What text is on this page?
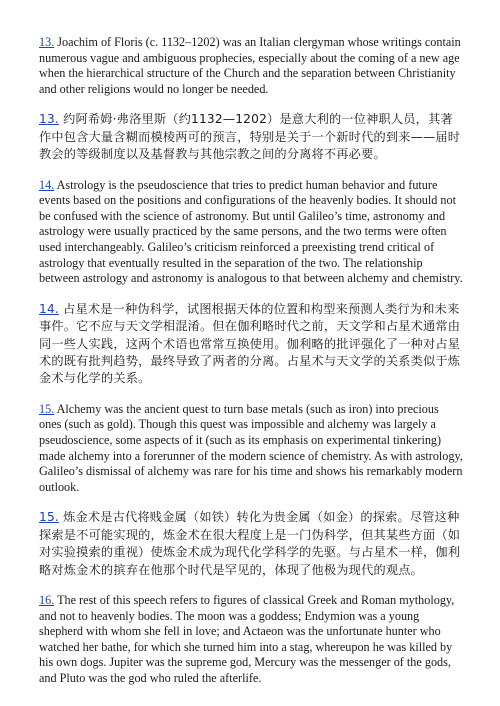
13. Joachim of Floris (c. 1132–1202) was an Italian clergyman whose writings contain numerous vague and ambiguous prophecies, especially about the coming of a new age when the hierarchical structure of the Church and the separation between Christianity and other religions would no longer be needed.

13. 约阿希姆·弗洛里斯（约1132—1202）是意大利的一位神职人员，其著作中包含大量含糊而模棱两可的预言，特别是关于一个新时代的到来——届时教会的等级制度以及基督教与其他宗教之间的分离将不再必要。

14. Astrology is the pseudoscience that tries to predict human behavior and future events based on the positions and configurations of the heavenly bodies. It should not be confused with the science of astronomy. But until Galileo’s time, astronomy and astrology were usually practiced by the same persons, and the two terms were often used interchangeably. Galileo’s criticism reinforced a preexisting trend critical of astrology that eventually resulted in the separation of the two. The relationship between astrology and astronomy is analogous to that between alchemy and chemistry.

14. 占星术是一种伪科学，试图根据天体的位置和构型来预测人类行为和未来事件。它不应与天文学相混淆。但在伽利略时代之前，天文学和占星术通常由同一些人实践，这两个术语也常常互换使用。伽利略的批评强化了一种对占星术的既有批判趋势，最终导致了两者的分离。占星术与天文学的关系类似于炼金术与化学的关系。

15. Alchemy was the ancient quest to turn base metals (such as iron) into precious ones (such as gold). Though this quest was impossible and alchemy was largely a pseudoscience, some aspects of it (such as its emphasis on experimental tinkering) made alchemy into a forerunner of the modern science of chemistry. As with astrology, Galileo’s dismissal of alchemy was rare for his time and shows his remarkably modern outlook.

15. 炼金术是古代将贱金属（如铁）转化为贵金属（如金）的探索。尽管这种探索是不可能实现的，炼金术在很大程度上是一门伪科学，但其某些方面（如对实验摸索的重视）使炼金术成为现代化学科学的先驱。与占星术一样，伽利略对炼金术的摈弃在他那个时代是罕见的，体现了他极为现代的观点。

16. The rest of this speech refers to figures of classical Greek and Roman mythology, and not to heavenly bodies. The moon was a goddess; Endymion was a young shepherd with whom she fell in love; and Actaeon was the unfortunate hunter who watched her bathe, for which she turned him into a stag, whereupon he was killed by his own dogs. Jupiter was the supreme god, Mercury was the messenger of the gods, and Pluto was the god who ruled the afterlife.
